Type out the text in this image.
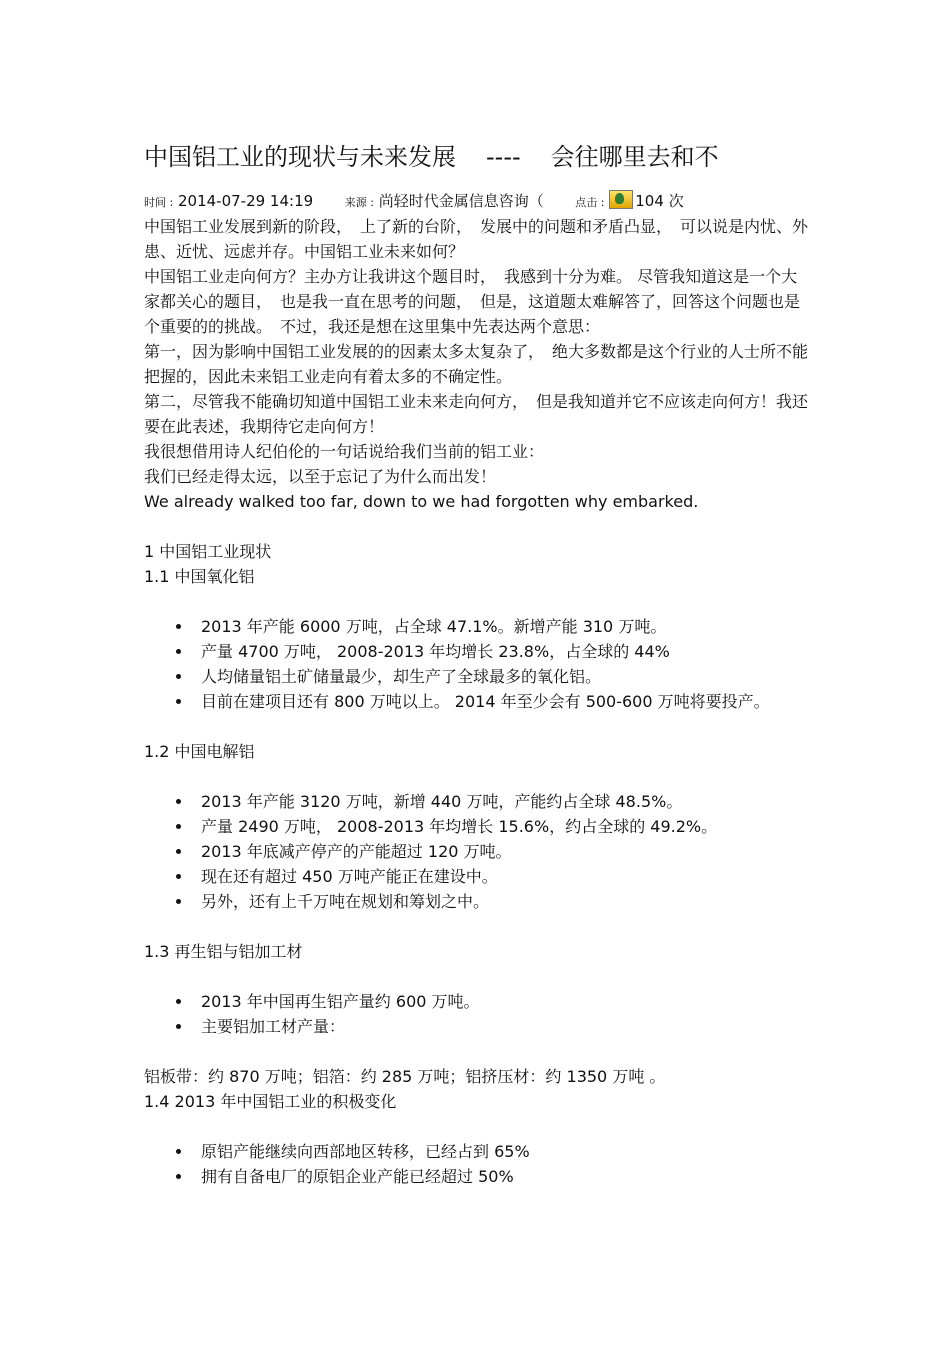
中国铝工业的现状与未来发展 ---- 会往哪里去和不
时间 : 2014-07-29 14:19	来源 : 尚轻时代金属信息咨询（	点击 : 104 次

中国铝工业发展到新的阶段，　上了新的台阶，　发展中的问题和矛盾凸显，　可以说是内忧、外患、近忧、远虑并存。中国铝工业未来如何？

中国铝工业走向何方？主办方让我讲这个题目时，　我感到十分为难。 尽管我知道这是一个大家都关心的题目，　也是我一直在思考的问题，　但是，这道题太难解答了，回答这个问题也是个重要的的挑战。　不过，我还是想在这里集中先表达两个意思：

第一，因为影响中国铝工业发展的的因素太多太复杂了，　绝大多数都是这个行业的人士所不能把握的，因此未来铝工业走向有着太多的不确定性。

第二，尽管我不能确切知道中国铝工业未来走向何方，　但是我知道并它不应该走向何方！我还要在此表述，我期待它走向何方！

我很想借用诗人纪伯伦的一句话说给我们当前的铝工业：

我们已经走得太远，以至于忘记了为什么而出发！

We already walked too far, down to we had forgotten why embarked.

1 中国铝工业现状

1.1 中国氧化铝

2013 年产能 6000 万吨，占全球 47.1%。新增产能 310 万吨。
产量 4700 万吨， 2008-2013 年均增长 23.8%，占全球的 44%
人均储量铝土矿储量最少，却生产了全球最多的氧化铝。
目前在建项目还有 800 万吨以上。 2014 年至少会有 500-600 万吨将要投产。

1.2 中国电解铝

2013 年产能 3120 万吨，新增 440 万吨，产能约占全球 48.5%。
产量 2490 万吨， 2008-2013 年均增长 15.6%，约占全球的 49.2%。
2013 年底减产停产的产能超过 120 万吨。
现在还有超过 450 万吨产能正在建设中。
另外，还有上千万吨在规划和筹划之中。

1.3 再生铝与铝加工材

2013 年中国再生铝产量约 600 万吨。
主要铝加工材产量：

铝板带：约 870 万吨；铝箔：约 285 万吨；铝挤压材：约 1350 万吨 。

1.4 2013 年中国铝工业的积极变化

原铝产能继续向西部地区转移，已经占到 65%
拥有自备电厂的原铝企业产能已经超过 50%
